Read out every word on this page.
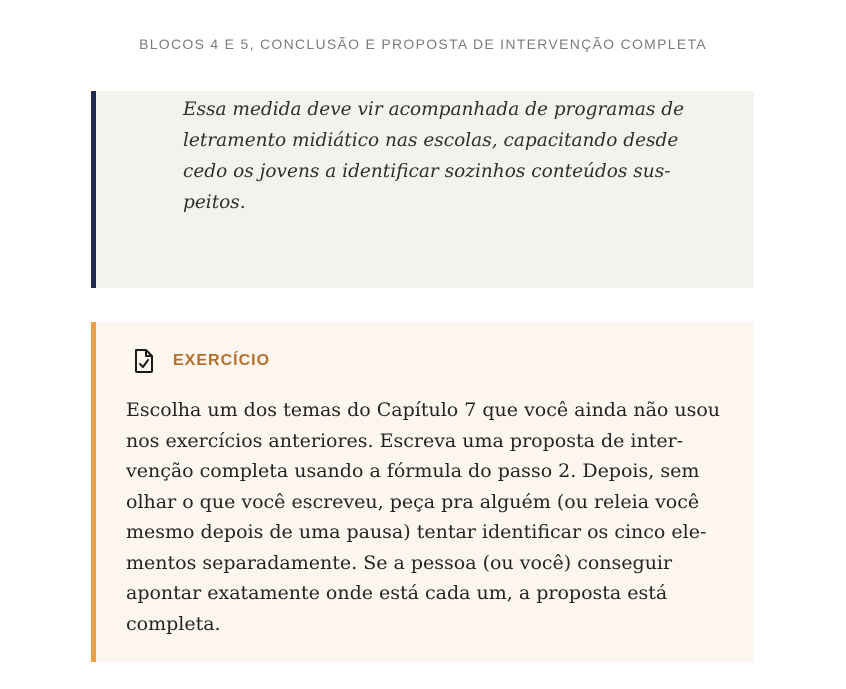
BLOCOS 4 E 5, CONCLUSÃO E PROPOSTA DE INTERVENÇÃO COMPLETA
Essa medida deve vir acompanhada de programas de
letramento midiático nas escolas, capacitando desde
cedo os jovens a identificar sozinhos conteúdos sus-
peitos.
EXERCÍCIO
Escolha um dos temas do Capítulo 7 que você ainda não usou
nos exercícios anteriores. Escreva uma proposta de inter-
venção completa usando a fórmula do passo 2. Depois, sem
olhar o que você escreveu, peça pra alguém (ou releia você
mesmo depois de uma pausa) tentar identificar os cinco ele-
mentos separadamente. Se a pessoa (ou você) conseguir
apontar exatamente onde está cada um, a proposta está
completa.
